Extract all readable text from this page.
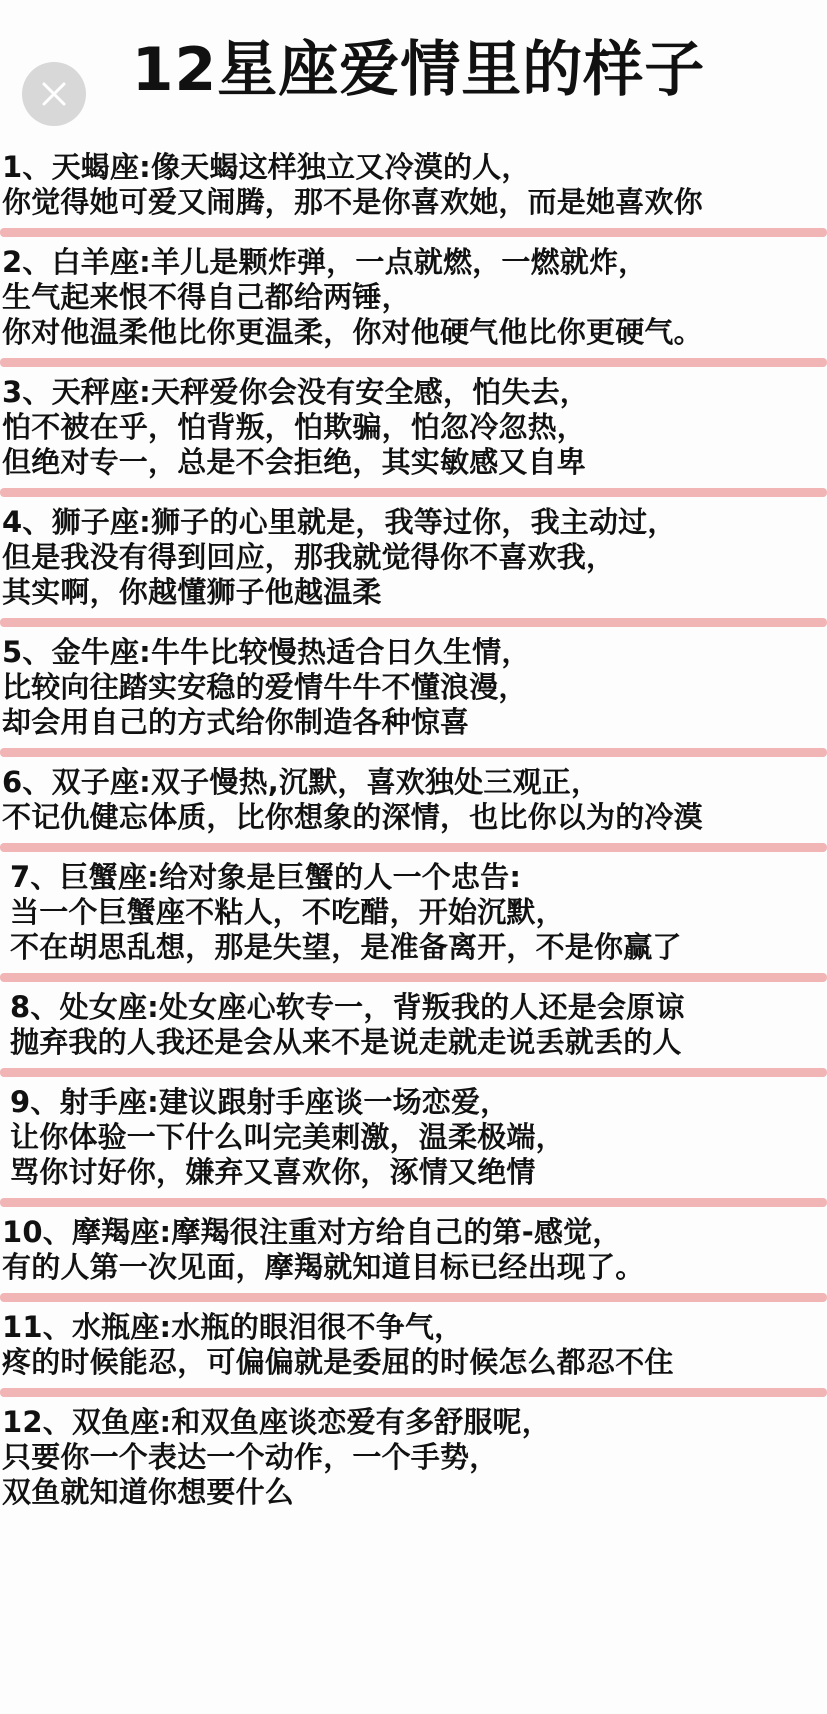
12星座爱情里的样子
1、天蝎座:像天蝎这样独立又冷漠的人，
你觉得她可爱又闹腾，那不是你喜欢她，而是她喜欢你
2、白羊座:羊儿是颗炸弹，一点就燃，一燃就炸，
生气起来恨不得自己都给两锤，
你对他温柔他比你更温柔，你对他硬气他比你更硬气。
3、天秤座:天秤爱你会没有安全感，怕失去，
怕不被在乎，怕背叛，怕欺骗，怕忽冷忽热，
但绝对专一，总是不会拒绝，其实敏感又自卑
4、狮子座:狮子的心里就是，我等过你，我主动过，
但是我没有得到回应，那我就觉得你不喜欢我，
其实啊，你越懂狮子他越温柔
5、金牛座:牛牛比较慢热适合日久生情，
比较向往踏实安稳的爱情牛牛不懂浪漫，
却会用自己的方式给你制造各种惊喜
6、双子座:双子慢热,沉默，喜欢独处三观正，
不记仇健忘体质，比你想象的深情，也比你以为的冷漠
7、巨蟹座:给对象是巨蟹的人一个忠告:
当一个巨蟹座不粘人，不吃醋，开始沉默，
不在胡思乱想，那是失望，是准备离开，不是你赢了
8、处女座:处女座心软专一，背叛我的人还是会原谅
抛弃我的人我还是会从来不是说走就走说丢就丢的人
9、射手座:建议跟射手座谈一场恋爱，
让你体验一下什么叫完美刺激，温柔极端，
骂你讨好你，嫌弃又喜欢你，涿情又绝情
10、摩羯座:摩羯很注重对方给自己的第-感觉，
有的人第一次见面，摩羯就知道目标已经出现了。
11、水瓶座:水瓶的眼泪很不争气，
疼的时候能忍，可偏偏就是委屈的时候怎么都忍不住
12、双鱼座:和双鱼座谈恋爱有多舒服呢，
只要你一个表达一个动作，一个手势，
双鱼就知道你想要什么
